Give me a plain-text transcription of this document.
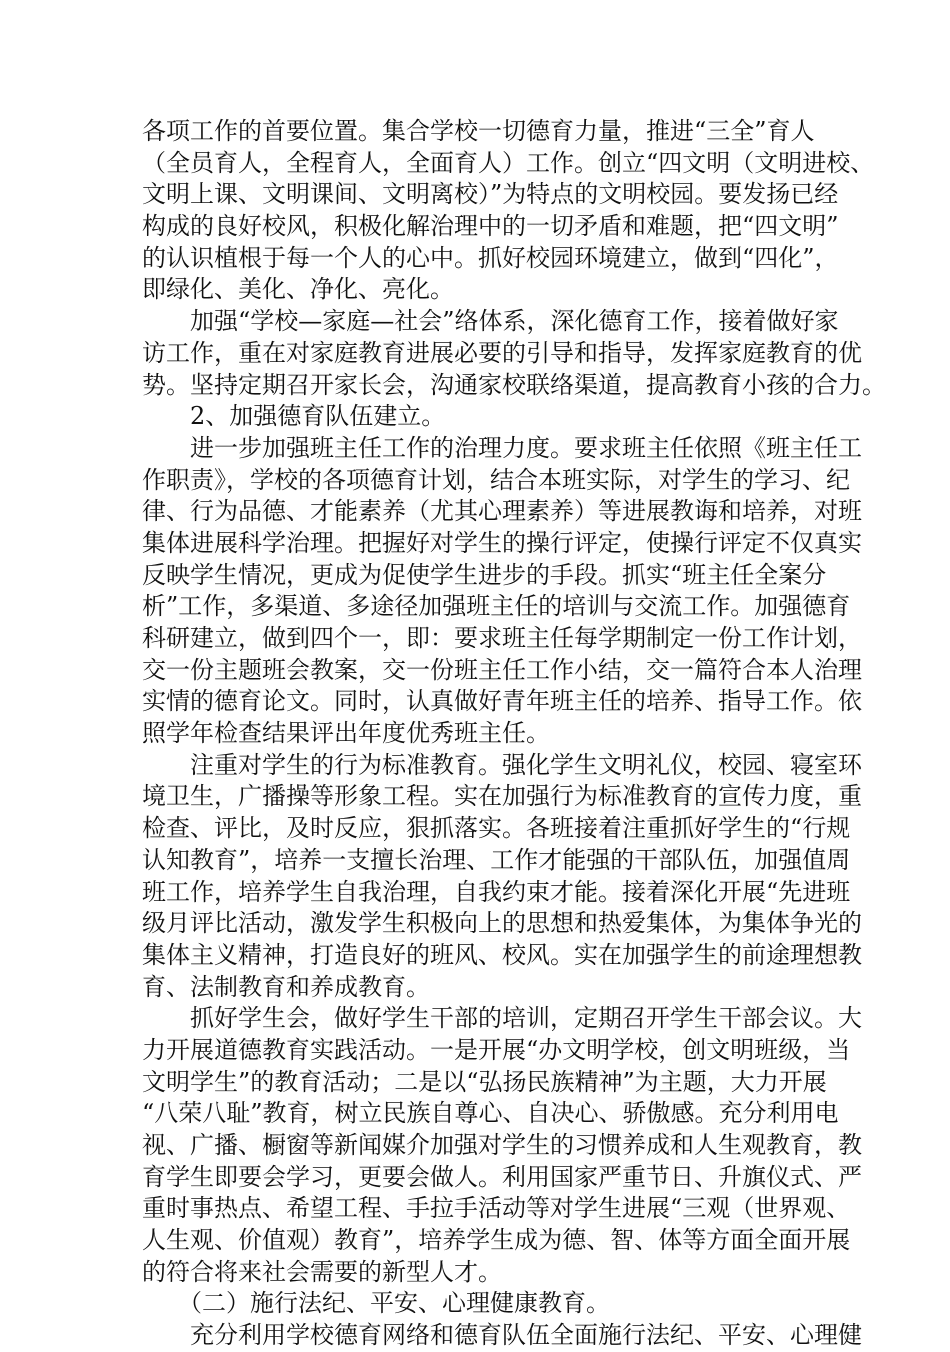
各项工作的首要位置。集合学校一切德育力量，推进“三全”育人
（全员育人，全程育人，全面育人）工作。创立“四文明（文明进校、
文明上课、文明课间、文明离校）”为特点的文明校园。要发扬已经
构成的良好校风，积极化解治理中的一切矛盾和难题，把“四文明”
的认识植根于每一个人的心中。抓好校园环境建立，做到“四化”，
即绿化、美化、净化、亮化。
　　加强“学校—家庭—社会”络体系，深化德育工作，接着做好家
访工作，重在对家庭教育进展必要的引导和指导，发挥家庭教育的优
势。坚持定期召开家长会，沟通家校联络渠道，提高教育小孩的合力。
　　2、加强德育队伍建立。
　　进一步加强班主任工作的治理力度。要求班主任依照《班主任工
作职责》，学校的各项德育计划，结合本班实际，对学生的学习、纪
律、行为品德、才能素养（尤其心理素养）等进展教诲和培养，对班
集体进展科学治理。把握好对学生的操行评定，使操行评定不仅真实
反映学生情况，更成为促使学生进步的手段。抓实“班主任全案分
析”工作，多渠道、多途径加强班主任的培训与交流工作。加强德育
科研建立，做到四个一，即：要求班主任每学期制定一份工作计划，
交一份主题班会教案，交一份班主任工作小结，交一篇符合本人治理
实情的德育论文。同时，认真做好青年班主任的培养、指导工作。依
照学年检查结果评出年度优秀班主任。
　　注重对学生的行为标准教育。强化学生文明礼仪，校园、寝室环
境卫生，广播操等形象工程。实在加强行为标准教育的宣传力度，重
检查、评比，及时反应，狠抓落实。各班接着注重抓好学生的“行规
认知教育”，培养一支擅长治理、工作才能强的干部队伍，加强值周
班工作，培养学生自我治理，自我约束才能。接着深化开展“先进班
级月评比活动，激发学生积极向上的思想和热爱集体，为集体争光的
集体主义精神，打造良好的班风、校风。实在加强学生的前途理想教
育、法制教育和养成教育。
　　抓好学生会，做好学生干部的培训，定期召开学生干部会议。大
力开展道德教育实践活动。一是开展“办文明学校，创文明班级，当
文明学生”的教育活动；二是以“弘扬民族精神”为主题，大力开展
“八荣八耻”教育，树立民族自尊心、自决心、骄傲感。充分利用电
视、广播、橱窗等新闻媒介加强对学生的习惯养成和人生观教育，教
育学生即要会学习，更要会做人。利用国家严重节日、升旗仪式、严
重时事热点、希望工程、手拉手活动等对学生进展“三观（世界观、
人生观、价值观）教育”，培养学生成为德、智、体等方面全面开展
的符合将来社会需要的新型人才。
　　（二）施行法纪、平安、心理健康教育。
　　充分利用学校德育网络和德育队伍全面施行法纪、平安、心理健
